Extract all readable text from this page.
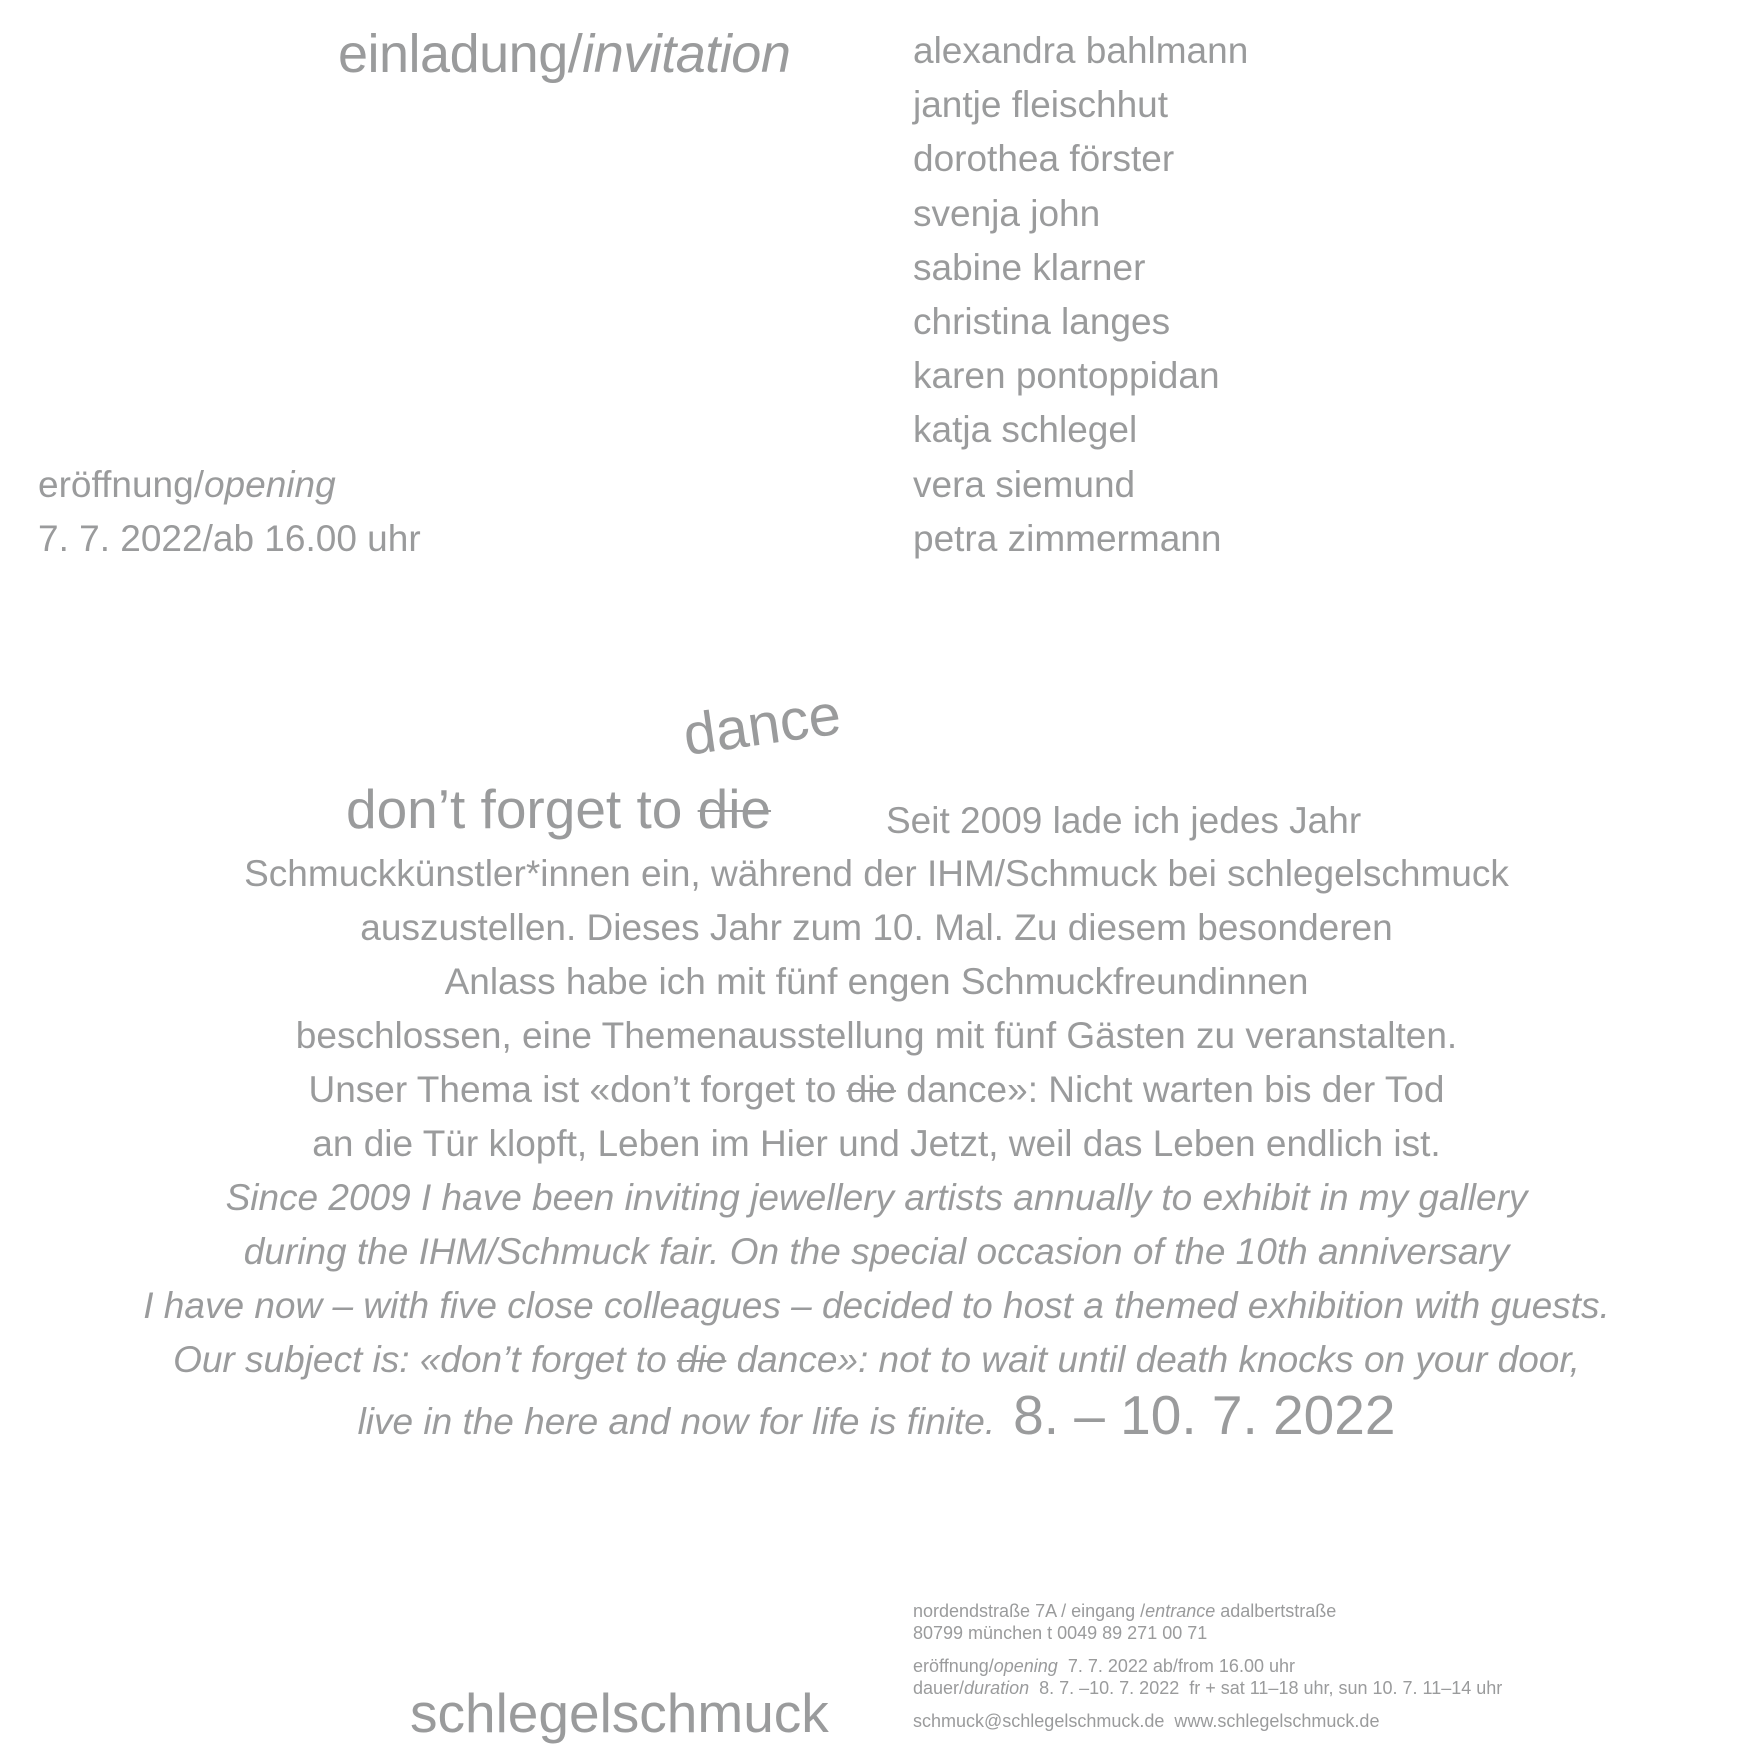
einladung/invitation	alexandra bahlmann
jantje fleischhut
dorothea förster
svenja john
sabine klarner
christina langes
karen pontoppidan
katja schlegel
vera siemund
petra zimmermann
eröffnung/opening
7. 7. 2022/ab 16.00 uhr
dance
don’t forget to die	Seit 2009 lade ich jedes Jahr
Schmuckkünstler*innen ein, während der IHM/Schmuck bei schlegelschmuck
auszustellen. Dieses Jahr zum 10. Mal. Zu diesem besonderen
Anlass habe ich mit fünf engen Schmuckfreundinnen
beschlossen, eine Themenausstellung mit fünf Gästen zu veranstalten.
Unser Thema ist «don’t forget to die dance»: Nicht warten bis der Tod
an die Tür klopft, Leben im Hier und Jetzt, weil das Leben endlich ist.
Since 2009 I have been inviting jewellery artists annually to exhibit in my gallery
during the IHM/Schmuck fair. On the special occasion of the 10th anniversary
I have now – with five close colleagues – decided to host a themed exhibition with guests.
Our subject is: «don’t forget to die dance»: not to wait until death knocks on your door,
live in the here and now for life is finite. 8. – 10. 7. 2022
schlegelschmuck
nordendstraße 7A / eingang /entrance adalbertstraße
80799 münchen t 0049 89 271 00 71
eröffnung/opening  7. 7. 2022 ab/from 16.00 uhr
dauer/duration  8. 7. –10. 7. 2022  fr + sat 11–18 uhr, sun 10. 7. 11–14 uhr
schmuck@schlegelschmuck.de  www.schlegelschmuck.de
